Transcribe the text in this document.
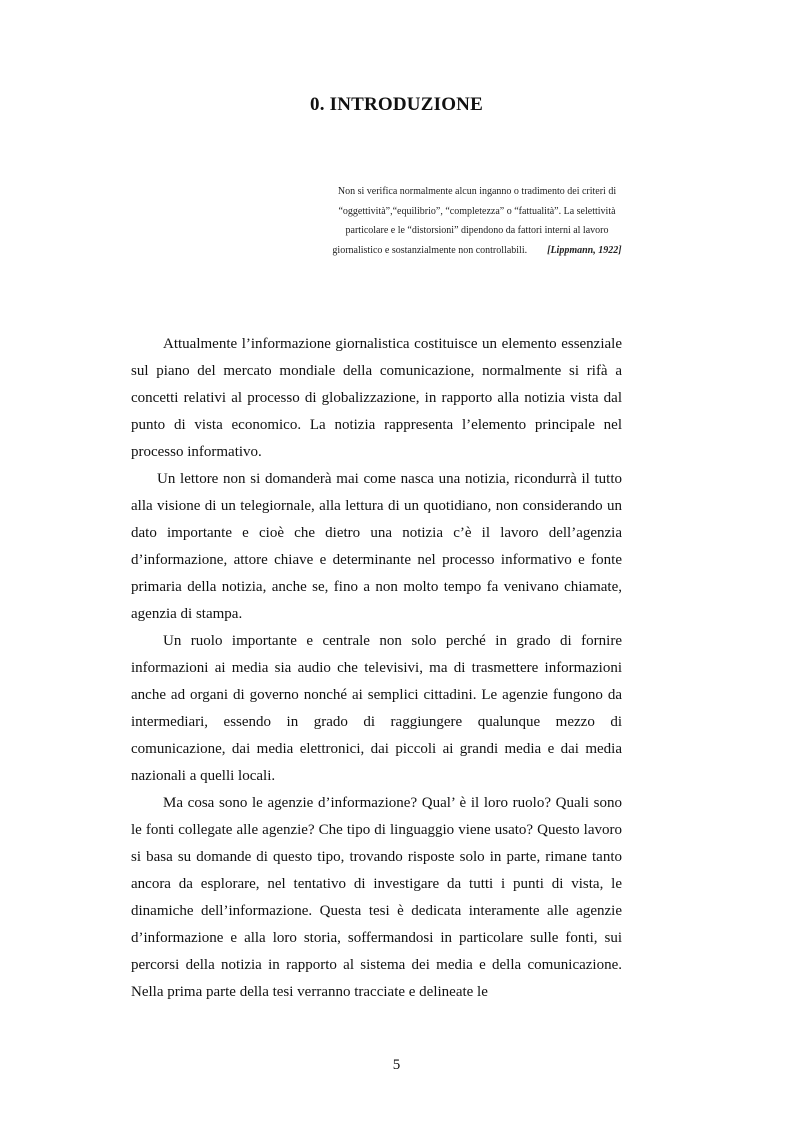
0. INTRODUZIONE
Non si verifica normalmente alcun inganno o tradimento dei criteri di “oggettività”,“equilibrio”, “completezza” o “fattualità”. La selettività particolare e le “distorsioni” dipendono da fattori interni al lavoro giornalistico e sostanzialmente non controllabili. [Lippmann, 1922]

Attualmente l’informazione giornalistica costituisce un elemento essenziale sul piano del mercato mondiale della comunicazione, normalmente si rifà a concetti relativi al processo di globalizzazione, in rapporto alla notizia vista dal punto di vista economico. La notizia rappresenta l’elemento principale nel processo informativo.

Un lettore non si domanderà mai come nasca una notizia, ricondurrà il tutto alla visione di un telegiornale, alla lettura di un quotidiano, non considerando un dato importante e cioè che dietro una notizia c’è il lavoro dell’agenzia d’informazione, attore chiave e determinante nel processo informativo e fonte primaria della notizia, anche se, fino a non molto tempo fa venivano chiamate, agenzia di stampa.

Un ruolo importante e centrale non solo perché in grado di fornire informazioni ai media sia audio che televisivi, ma di trasmettere informazioni anche ad organi di governo nonché ai semplici cittadini. Le agenzie fungono da intermediari, essendo in grado di raggiungere qualunque mezzo di comunicazione, dai media elettronici, dai piccoli ai grandi media e dai media nazionali a quelli locali.

Ma cosa sono le agenzie d’informazione? Qual’ è il loro ruolo? Quali sono le fonti collegate alle agenzie? Che tipo di linguaggio viene usato? Questo lavoro si basa su domande di questo tipo, trovando risposte solo in parte, rimane tanto ancora da esplorare, nel tentativo di investigare da tutti i punti di vista, le dinamiche dell’informazione. Questa tesi è dedicata interamente alle agenzie d’informazione e alla loro storia, soffermandosi in particolare sulle fonti, sui percorsi della notizia in rapporto al sistema dei media e della comunicazione. Nella prima parte della tesi verranno tracciate e delineate le

5
